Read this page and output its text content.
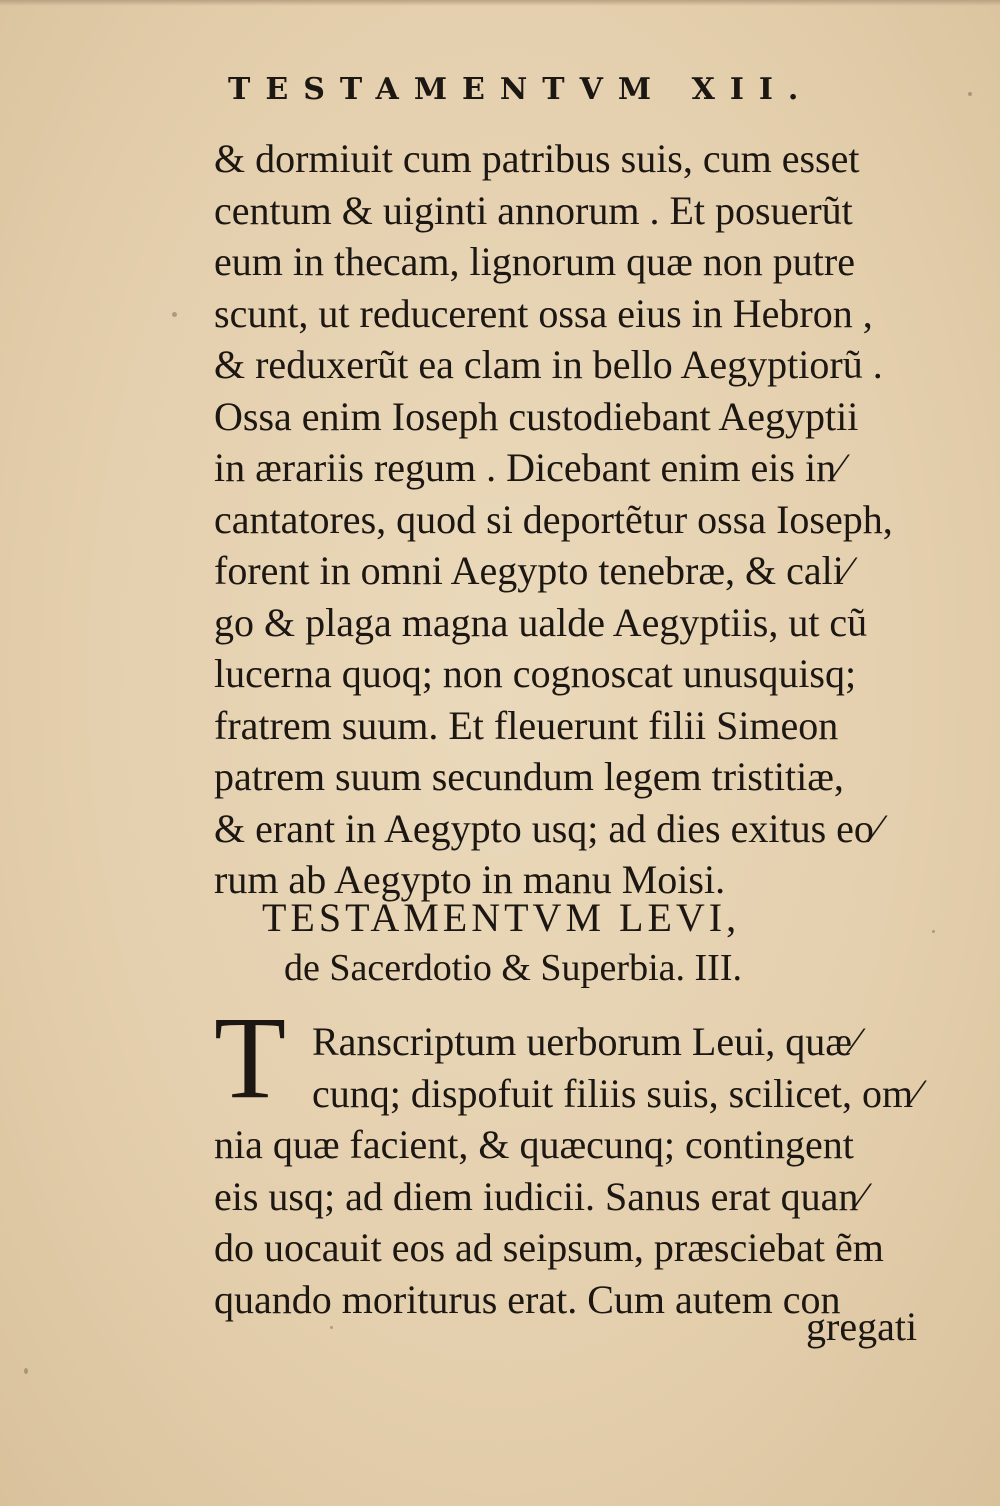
TESTAMENTVM XII.
& dormiuit cum patribus suis, cum esset
centum & uiginti annorum . Et posuerũt
eum in thecam, lignorum quæ non putre
scunt, ut reducerent ossa eius in Hebron ,
& reduxerũt ea clam in bello Aegyptiorũ .
Ossa enim Ioseph custodiebant Aegyptii
in ærariis regum . Dicebant enim eis in⁄
cantatores, quod si deportẽtur ossa Ioseph,
forent in omni Aegypto tenebræ, & cali⁄
go & plaga magna ualde Aegyptiis, ut cũ
lucerna quoq; non cognoscat unusquisq;
fratrem suum. Et fleuerunt filii Simeon
patrem suum secundum legem tristitiæ,
& erant in Aegypto usq; ad dies exitus eo⁄
rum ab Aegypto in manu Moisi.
TESTAMENTVM LEVI,
de Sacerdotio & Superbia. III.
T Ranscriptum uerborum Leui, quæ⁄
cunq; dispofuit filiis suis, scilicet, om⁄
nia quæ facient, & quæcunq; contingent
eis usq; ad diem iudicii. Sanus erat quan⁄
do uocauit eos ad seipsum, præsciebat ẽm
quando moriturus erat. Cum autem con
gregati
